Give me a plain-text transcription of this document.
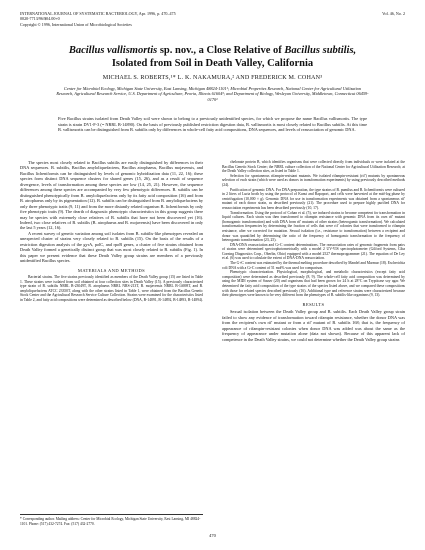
INTERNATIONAL JOURNAL OF SYSTEMATIC BACTERIOLOGY, Apr. 1996, p. 470–475
0020-7713/96/$04.00+0
Copyright © 1996, International Union of Microbiological Societies
Vol. 46, No. 2
Bacillus vallismortis sp. nov., a Close Relative of Bacillus subtilis,
Isolated from Soil in Death Valley, California
MICHAEL S. ROBERTS,¹* L. K. NAKAMURA,² AND FREDERICK M. COHAN³
Center for Microbial Ecology, Michigan State University, East Lansing, Michigan 48824-1101¹; Microbial Properties Research, National Center for Agricultural Utilization Research, Agricultural Research Service, U.S. Department of Agriculture, Peoria, Illinois 61604²; and Department of Biology, Wesleyan University, Middletown, Connecticut 06459-0170³
Five Bacillus strains isolated from Death Valley soil were shown to belong to a previously unidentified species, for which we propose the name Bacillus vallismortis. The type strain is strain DV1-F-3 (= NRRL B-14890). On the basis of previously published restriction digestion data, B. vallismortis is most closely related to Bacillus subtilis. At this time B. vallismortis can be distinguished from B. subtilis only by differences in whole-cell fatty acid compositions, DNA sequences, and levels of reassociation of genomic DNA.

The species most closely related to Bacillus subtilis are easily distinguished by differences in their DNA sequences. B. subtilis, Bacillus amyloliquefaciens, Bacillus atrophaeus, Bacillus mojavensis, and Bacillus licheniformis can be distinguished by levels of genomic hybridization data (11, 22, 16); these species form distinct DNA sequence clusters for shared genes (15, 26), and as a result of sequence divergence, levels of transformation among these species are low (14, 25, 21). However, the sequence differences among these species are accompanied by very few phenotypic differences. B. subtilis can be distinguished phenotypically from B. amyloliquefaciens only by its fatty acid composition (16) and from B. atrophaeus only by its pigmentation (12). B. subtilis can be distinguished from B. amyloliquefaciens by only three phenotypic traits (9, 11) and from the more distantly related organism B. licheniformis by only five phenotypic traits (9). The dearth of diagnostic phenotypic characteristics in this group suggests there may be species with extremely close relatives of B. subtilis that have not been discovered yet (16). Indeed, two close relatives of B. subtilis (B. atrophaeus and B. mojavensis) have been discovered in only the last 5 years (12, 16).

A recent survey of genetic variation among soil isolates from B. subtilis-like phenotypes revealed an unexpected cluster of strains very closely related to B. subtilis (15). On the basis of the results of a restriction digestion analysis of the gyrA, polC, and rpoB genes, a cluster of five strains obtained from Death Valley formed a genetically distinct group that was most closely related to B. subtilis (Fig. 1). In this paper we present evidence that these Death Valley group strains are members of a previously unidentified Bacillus species.

MATERIALS AND METHODS

Bacterial strains. The five strains previously identified as members of the Death Valley group (15) are listed in Table 1. These strains were isolated from soil obtained at four collection sites in Death Valley (15). A previously characterized type strain of B. subtilis NRRL B-23049T, B. atrophaeus NRRL NRS-213T, B. mojavensis NRRL B-14698T, and B. amyloliquefaciens ATCC 23350T, along with the other strains listed in Table 1, were obtained from the Bacillus Genetic Stock Center and the Agricultural Research Service Culture Collection. Strains were examined for the characteristics listed in Table 2, and fatty acid compositions were determined as described below (DNA, B-14891, B-14892, B-14893, B-14894).

* Corresponding author. Mailing address: Center for Microbial Ecology, Michigan State University, East Lansing, MI 48824-1101. Phone: (517) 432-7274. Fax: (517) 432-2770.

chelonate protein B, which identifies organisms that were collected directly from individuals or were isolated at the Bacillus Genetic Stock Center; the NRRL culture collection of the National Center for Agricultural Utilization Research; at the Death Valley collection sites, as listed in Table 1.

Selection for spontaneous rifampin-resistant mutants. We isolated rifampin-resistant (rif') mutants by spontaneous selection of each strain (which were used as donors in transformation experiments) by using previously described methods (24).

Purification of genomic DNA. For DNA preparation, the type strains of B. pumilus and B. licheniformis were cultured in 2 liters of Luria broth by using the protocol of Kunst and Rapoport, and cells were harvested at the mid-log phase by centrifugation (10,000 × g). Genomic DNA for use in transformation experiments was obtained from a spontaneous rif' mutant of each donor strain, as described previously (21). The procedure used to prepare highly purified DNA for reassociation experiments has been described previously (10, 17).

Transformation. Using the protocol of Cohan et al. (5), we induced strains to become competent for transformation in liquid cultures. Each strain was then transformed to rifampin resistance with genomic DNA from its own rif' mutant (homogamic transformation) and with DNA from rif' mutants of other strains (heterogamic transformation). We calculated transformation frequencies by determining the fraction of cells that were rif' colonies that were transformed to rifampin resistance, after we corrected for mutation. Sexual isolation (i.e., resistance to transformation) between a recipient and donor was quantified by determining the ratio of the frequency of homogamic transformation to the frequency of heterogamic transformation (23, 25).

DNA-DNA reassociation and G+C content determinations. The reassociation rates of genomic fragments from pairs of strains were determined spectrophotometrically with a model 2 UV-VIS spectrophotometer (Gilford Systems, Ciba Corning Diagnostics Corp., Oberlin, Ohio) equipped with a model 2527 thermoprogrammer (21). The equation of De Ley et al. (6) was used to calculate the extent of DNA-DNA reassociation.

The G+C content was estimated by the thermal melting procedure described by Mandel and Marmur (18). Escherichia coli DNA with a G+C content of 51 mol% was used for comparison.

Phenotypic characterization. Physiological, morphological, and metabolic characteristics (except fatty acid composition) were determined as described previously (8, 9). The whole-cell fatty acid composition was determined by using the MIDI system of Sasser (20) and organisms that had been grown for 24 h at 28°C on Trypticase soy agar. We determined the fatty acid composition of the type strains of the species listed above, and we compared these compositions with those for related species described previously (16). Additional type and reference strains were characterized because their phenotypes were known to be very different from the phenotypes of B. subtilis-like organisms (9, 13).

RESULTS

Sexual isolation between the Death Valley group and B. subtilis. Each Death Valley group strain failed to show any evidence of transformation toward rifampin resistance, whether the donor DNA was from the recipient's own rif' mutant or from a rif' mutant of B. subtilis 168; that is, the frequency of appearance of rifampin-resistant colonies when donor DNA was added was about the same as the frequency of appearance under mutation alone (data not shown). Because of this apparent lack of competence in the Death Valley strains, we could not determine whether the Death Valley group strains

470
